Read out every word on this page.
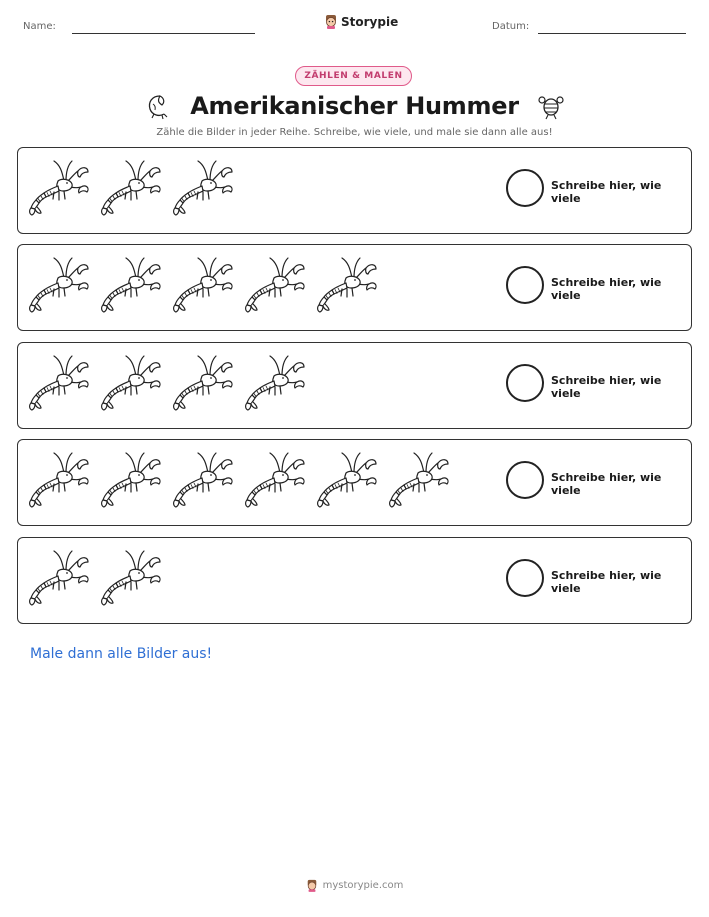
Name:	Storypie	Datum:
ZÄHLEN & MALEN
Amerikanischer Hummer
Zähle die Bilder in jeder Reihe. Schreibe, wie viele, und male sie dann alle aus!
Schreibe hier, wie viele
Schreibe hier, wie viele
Schreibe hier, wie viele
Schreibe hier, wie viele
Schreibe hier, wie viele
Male dann alle Bilder aus!
mystorypie.com
